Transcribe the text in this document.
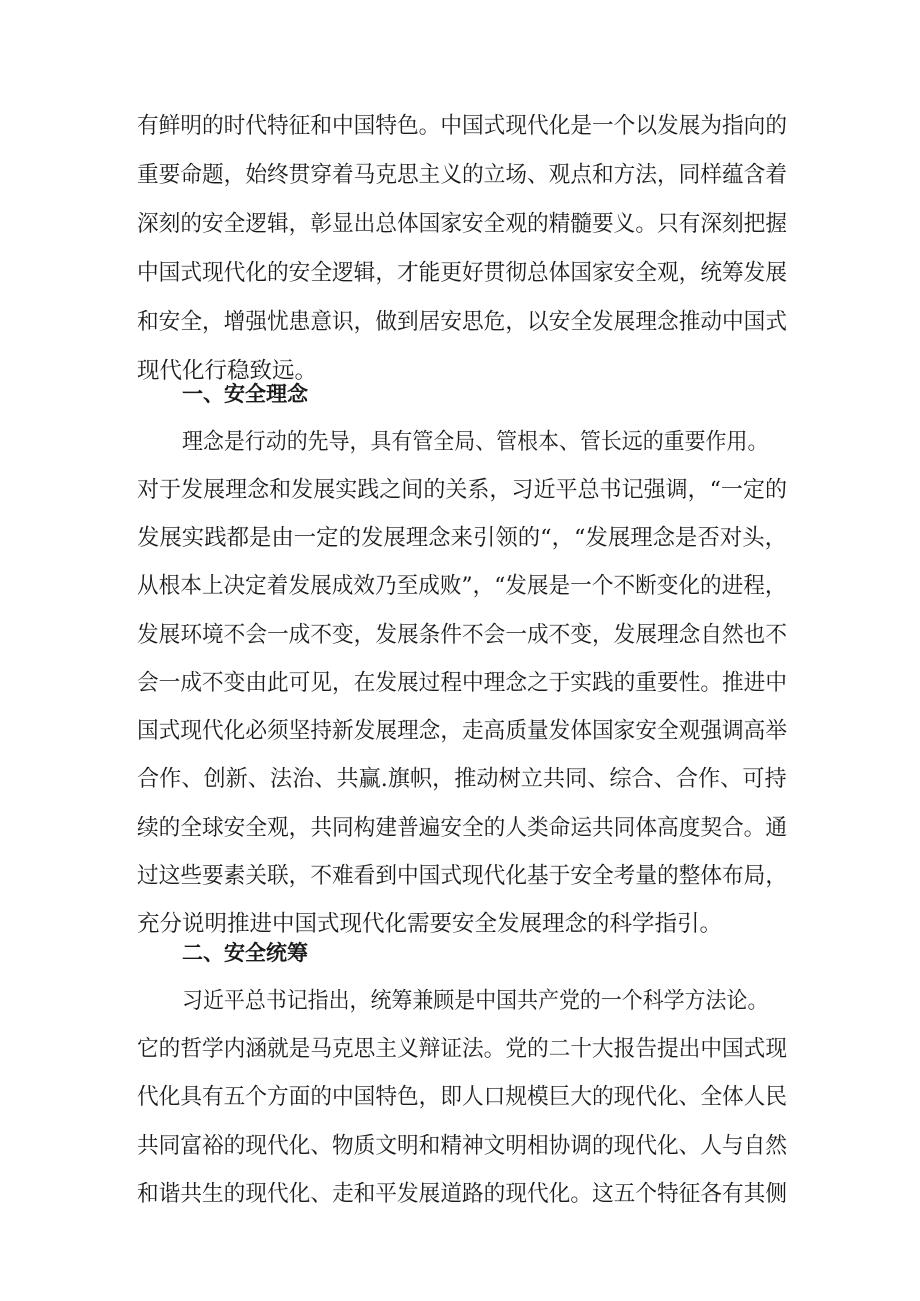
有鲜明的时代特征和中国特色。中国式现代化是一个以发展为指向的
重要命题，始终贯穿着马克思主义的立场、观点和方法，同样蕴含着
深刻的安全逻辑，彰显出总体国家安全观的精髓要义。只有深刻把握
中国式现代化的安全逻辑，才能更好贯彻总体国家安全观，统筹发展
和安全，增强忧患意识，做到居安思危，以安全发展理念推动中国式
现代化行稳致远。
一、安全理念
理念是行动的先导，具有管全局、管根本、管长远的重要作用。
对于发展理念和发展实践之间的关系，习近平总书记强调，“一定的
发展实践都是由一定的发展理念来引领的“，“发展理念是否对头，
从根本上决定着发展成效乃至成败”，“发展是一个不断变化的进程，
发展环境不会一成不变，发展条件不会一成不变，发展理念自然也不
会一成不变由此可见，在发展过程中理念之于实践的重要性。推进中
国式现代化必须坚持新发展理念，走高质量发体国家安全观强调高举
合作、创新、法治、共赢.旗帜，推动树立共同、综合、合作、可持
续的全球安全观，共同构建普遍安全的人类命运共同体高度契合。通
过这些要素关联，不难看到中国式现代化基于安全考量的整体布局，
充分说明推进中国式现代化需要安全发展理念的科学指引。
二、安全统筹
习近平总书记指出，统筹兼顾是中国共产党的一个科学方法论。
它的哲学内涵就是马克思主义辩证法。党的二十大报告提出中国式现
代化具有五个方面的中国特色，即人口规模巨大的现代化、全体人民
共同富裕的现代化、物质文明和精神文明相协调的现代化、人与自然
和谐共生的现代化、走和平发展道路的现代化。这五个特征各有其侧
